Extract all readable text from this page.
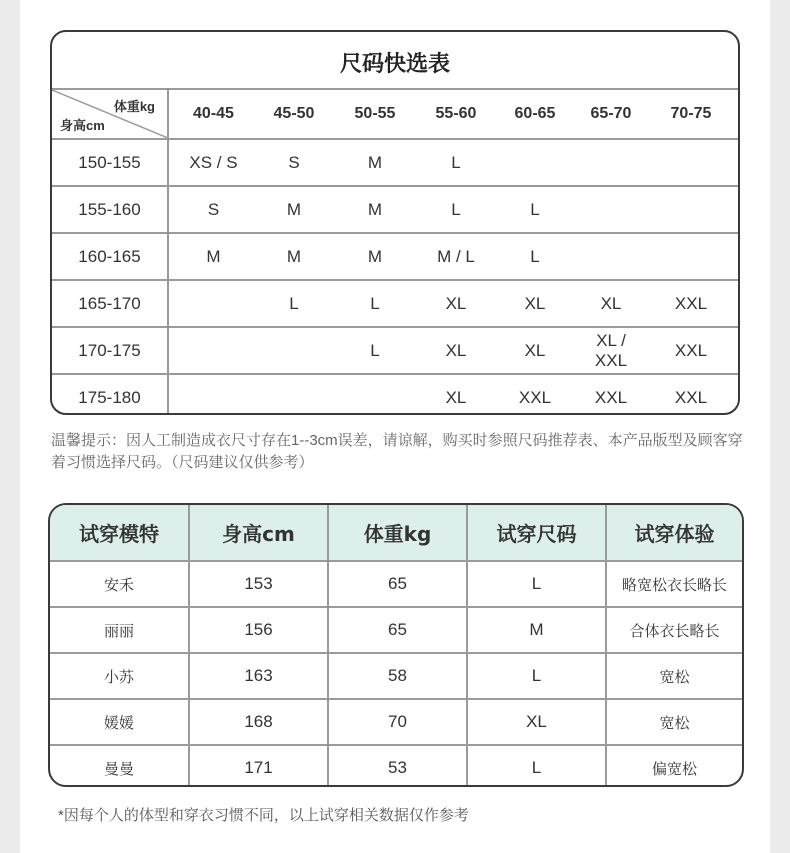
尺码快选表
体重kg
身高cm	40-45	45-50	50-55	55-60	60-65	65-70	70-75
150-155	XS / S	S	M	L			
155-160	S	M	M	L	L		
160-165	M	M	M	M / L	L		
165-170		L	L	XL	XL	XL	XXL
170-175			L	XL	XL	XL / XXL	XXL
175-180				XL	XXL	XXL	XXL
温馨提示：因人工制造成衣尺寸存在1--3cm误差，请谅解，购买时参照尺码推荐表、本产品版型及顾客穿着习惯选择尺码。（尺码建议仅供参考）
试穿模特	身高cm	体重kg	试穿尺码	试穿体验
安禾	153	65	L	略宽松衣长略长
丽丽	156	65	M	合体衣长略长
小苏	163	58	L	宽松
媛媛	168	70	XL	宽松
曼曼	171	53	L	偏宽松
*因每个人的体型和穿衣习惯不同，以上试穿相关数据仅作参考
